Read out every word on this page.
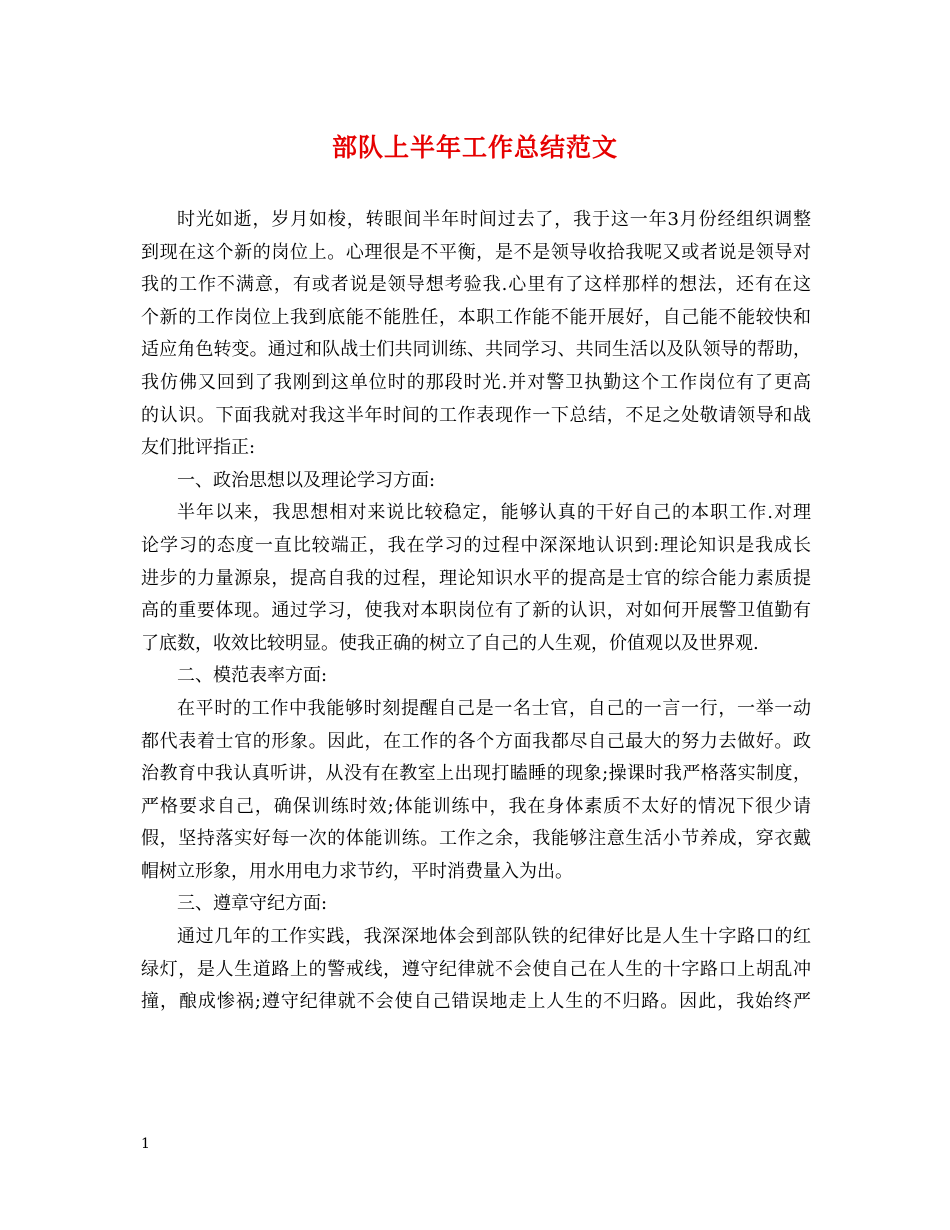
部队上半年工作总结范文
时光如逝，岁月如梭，转眼间半年时间过去了，我于这一年3月份经组织调整
到现在这个新的岗位上。心理很是不平衡，是不是领导收拾我呢又或者说是领导对
我的工作不满意，有或者说是领导想考验我.心里有了这样那样的想法，还有在这
个新的工作岗位上我到底能不能胜任，本职工作能不能开展好，自己能不能较快和
适应角色转变。通过和队战士们共同训练、共同学习、共同生活以及队领导的帮助，
我仿佛又回到了我刚到这单位时的那段时光.并对警卫执勤这个工作岗位有了更高
的认识。下面我就对我这半年时间的工作表现作一下总结，不足之处敬请领导和战
友们批评指正:
一、政治思想以及理论学习方面:
半年以来，我思想相对来说比较稳定，能够认真的干好自己的本职工作.对理
论学习的态度一直比较端正，我在学习的过程中深深地认识到:理论知识是我成长
进步的力量源泉，提高自我的过程，理论知识水平的提高是士官的综合能力素质提
高的重要体现。通过学习，使我对本职岗位有了新的认识，对如何开展警卫值勤有
了底数，收效比较明显。使我正确的树立了自己的人生观，价值观以及世界观.
二、模范表率方面:
在平时的工作中我能够时刻提醒自己是一名士官，自己的一言一行，一举一动
都代表着士官的形象。因此，在工作的各个方面我都尽自己最大的努力去做好。政
治教育中我认真听讲，从没有在教室上出现打瞌睡的现象;操课时我严格落实制度，
严格要求自己，确保训练时效;体能训练中，我在身体素质不太好的情况下很少请
假，坚持落实好每一次的体能训练。工作之余，我能够注意生活小节养成，穿衣戴
帽树立形象，用水用电力求节约，平时消费量入为出。
三、遵章守纪方面:
通过几年的工作实践，我深深地体会到部队铁的纪律好比是人生十字路口的红
绿灯，是人生道路上的警戒线，遵守纪律就不会使自己在人生的十字路口上胡乱冲
撞，酿成惨祸;遵守纪律就不会使自己错误地走上人生的不归路。因此，我始终严
1
